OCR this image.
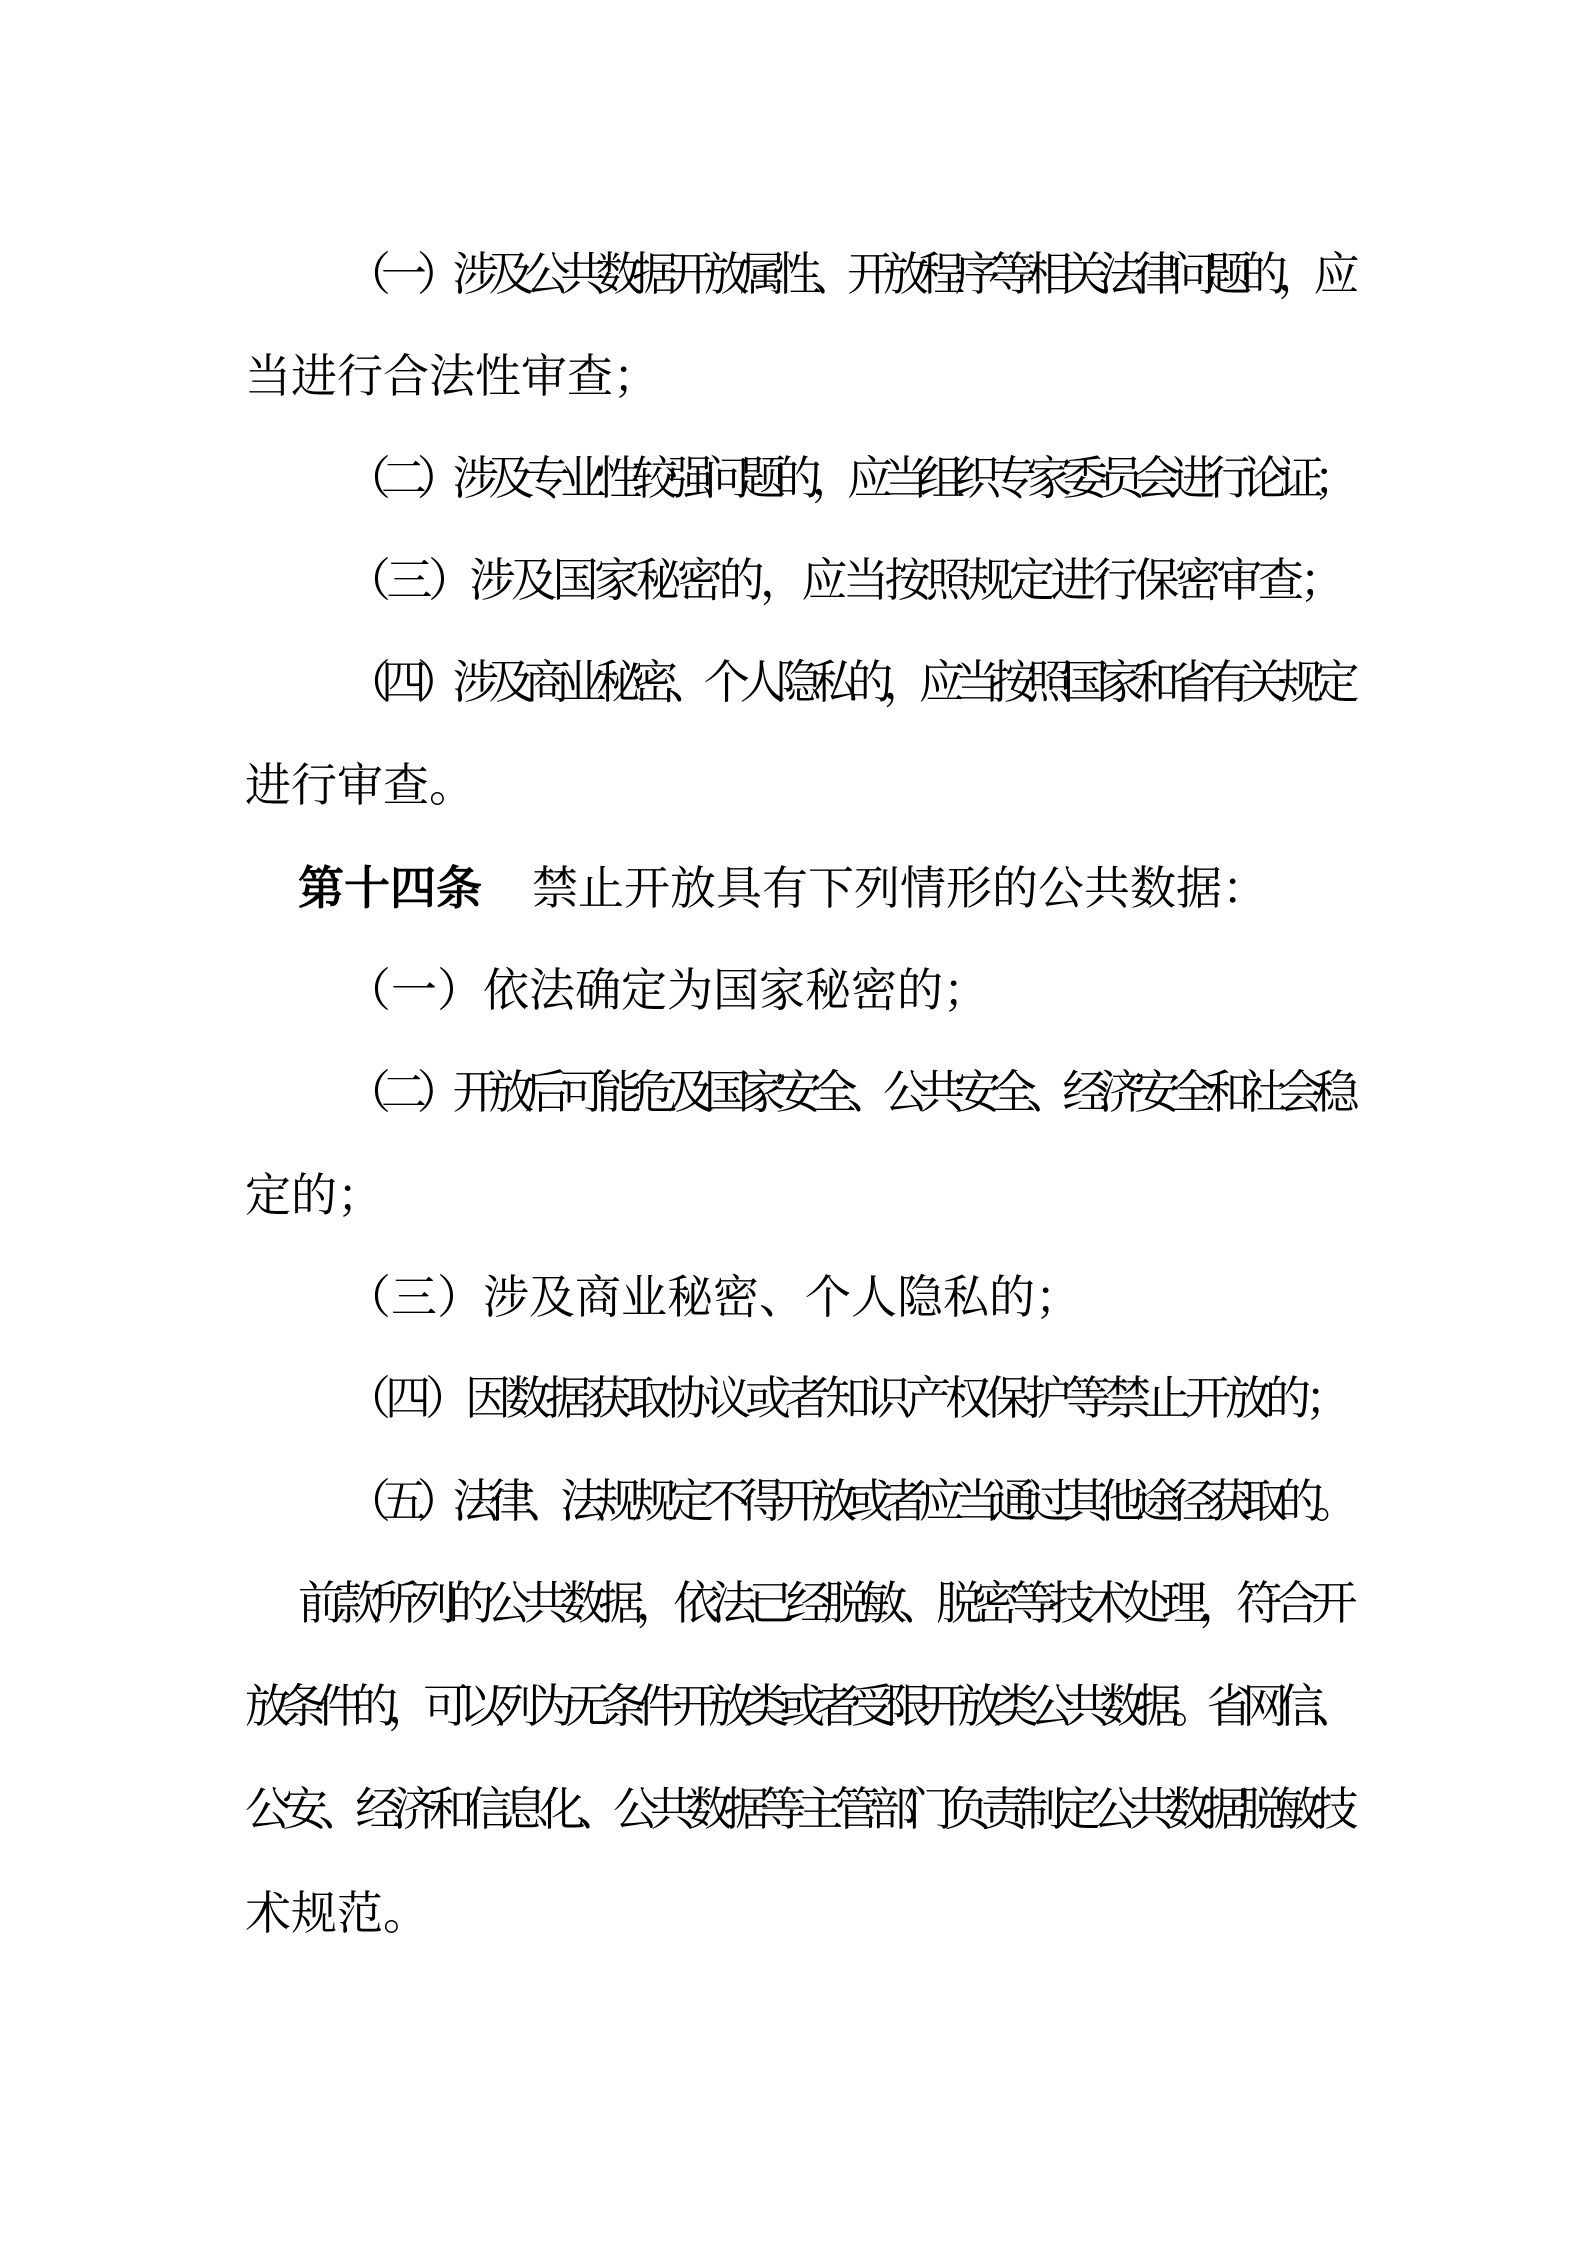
（一）涉及公共数据开放属性、开放程序等相关法律问题的，应
当进行合法性审查；
（二）涉及专业性较强问题的，应当组织专家委员会进行论证；
（三）涉及国家秘密的，应当按照规定进行保密审查；
（四）涉及商业秘密、个人隐私的，应当按照国家和省有关规定
进行审查。
第十四条 禁止开放具有下列情形的公共数据：
（一）依法确定为国家秘密的；
（二）开放后可能危及国家安全、公共安全、经济安全和社会稳
定的；
（三）涉及商业秘密、个人隐私的；
（四）因数据获取协议或者知识产权保护等禁止开放的；
（五）法律、法规规定不得开放或者应当通过其他途径获取的。
前款所列的公共数据，依法已经脱敏、脱密等技术处理，符合开
放条件的，可以列为无条件开放类或者受限开放类公共数据。省网信、
公安、经济和信息化、公共数据等主管部门负责制定公共数据脱敏技
术规范。
